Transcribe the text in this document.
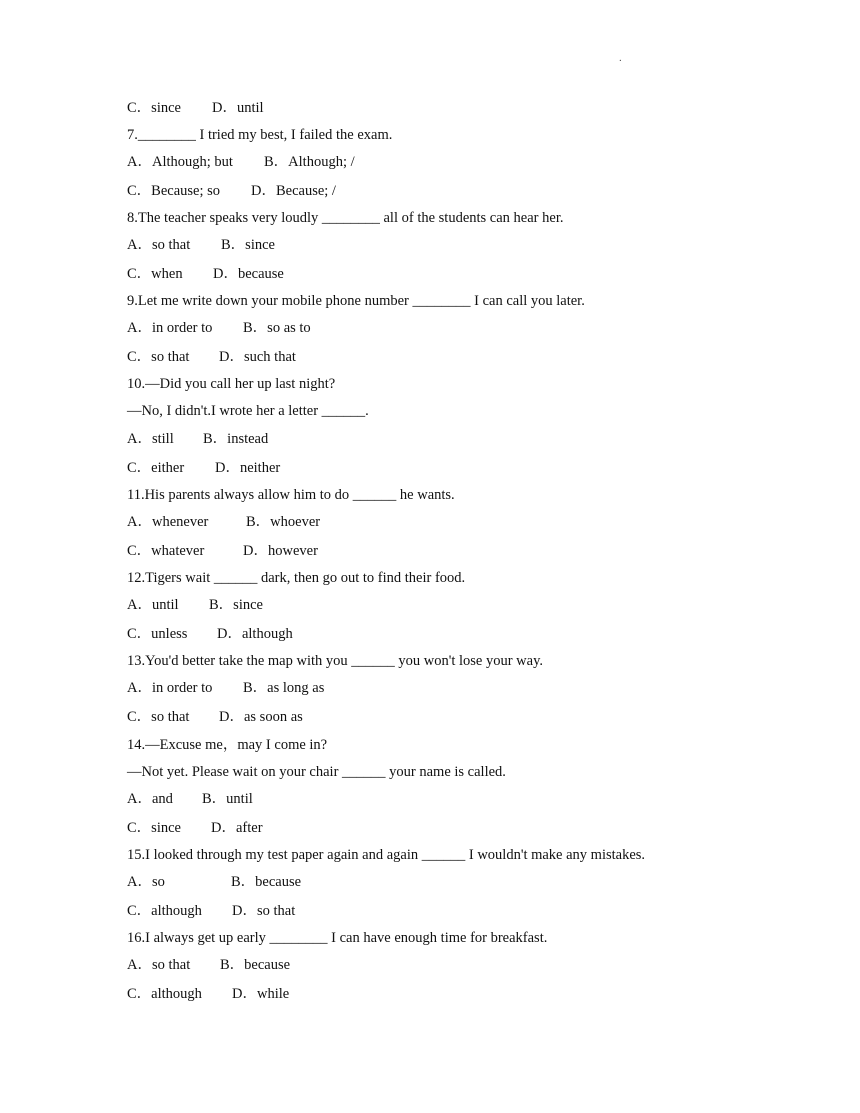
.
C．since	D．until
7.________ I tried my best, I failed the exam.
A．Although; but	B．Although; /
C．Because; so	D．Because; /
8.The teacher speaks very loudly ________ all of the students can hear her.
A．so that	B．since
C．when	D．because
9.Let me write down your mobile phone number ________ I can call you later.
A．in order to	B．so as to
C．so that	D．such that
10.—Did you call her up last night?
—No, I didn't.I wrote her a letter ______.
A．still	B．instead
C．either	D．neither
11.His parents always allow him to do ______ he wants.
A．whenever	B．whoever
C．whatever	D．however
12.Tigers wait ______ dark, then go out to find their food.
A．until	B．since
C．unless	D．although
13.You'd better take the map with you ______ you won't lose your way.
A．in order to	B．as long as
C．so that	D．as soon as
14.—Excuse me，may I come in?
—Not yet. Please wait on your chair ______ your name is called.
A．and	B．until
C．since	D．after
15.I looked through my test paper again and again ______ I wouldn't make any mistakes.
A．so	B．because
C．although	D．so that
16.I always get up early ________ I can have enough time for breakfast.
A．so that	B．because
C．although	D．while
